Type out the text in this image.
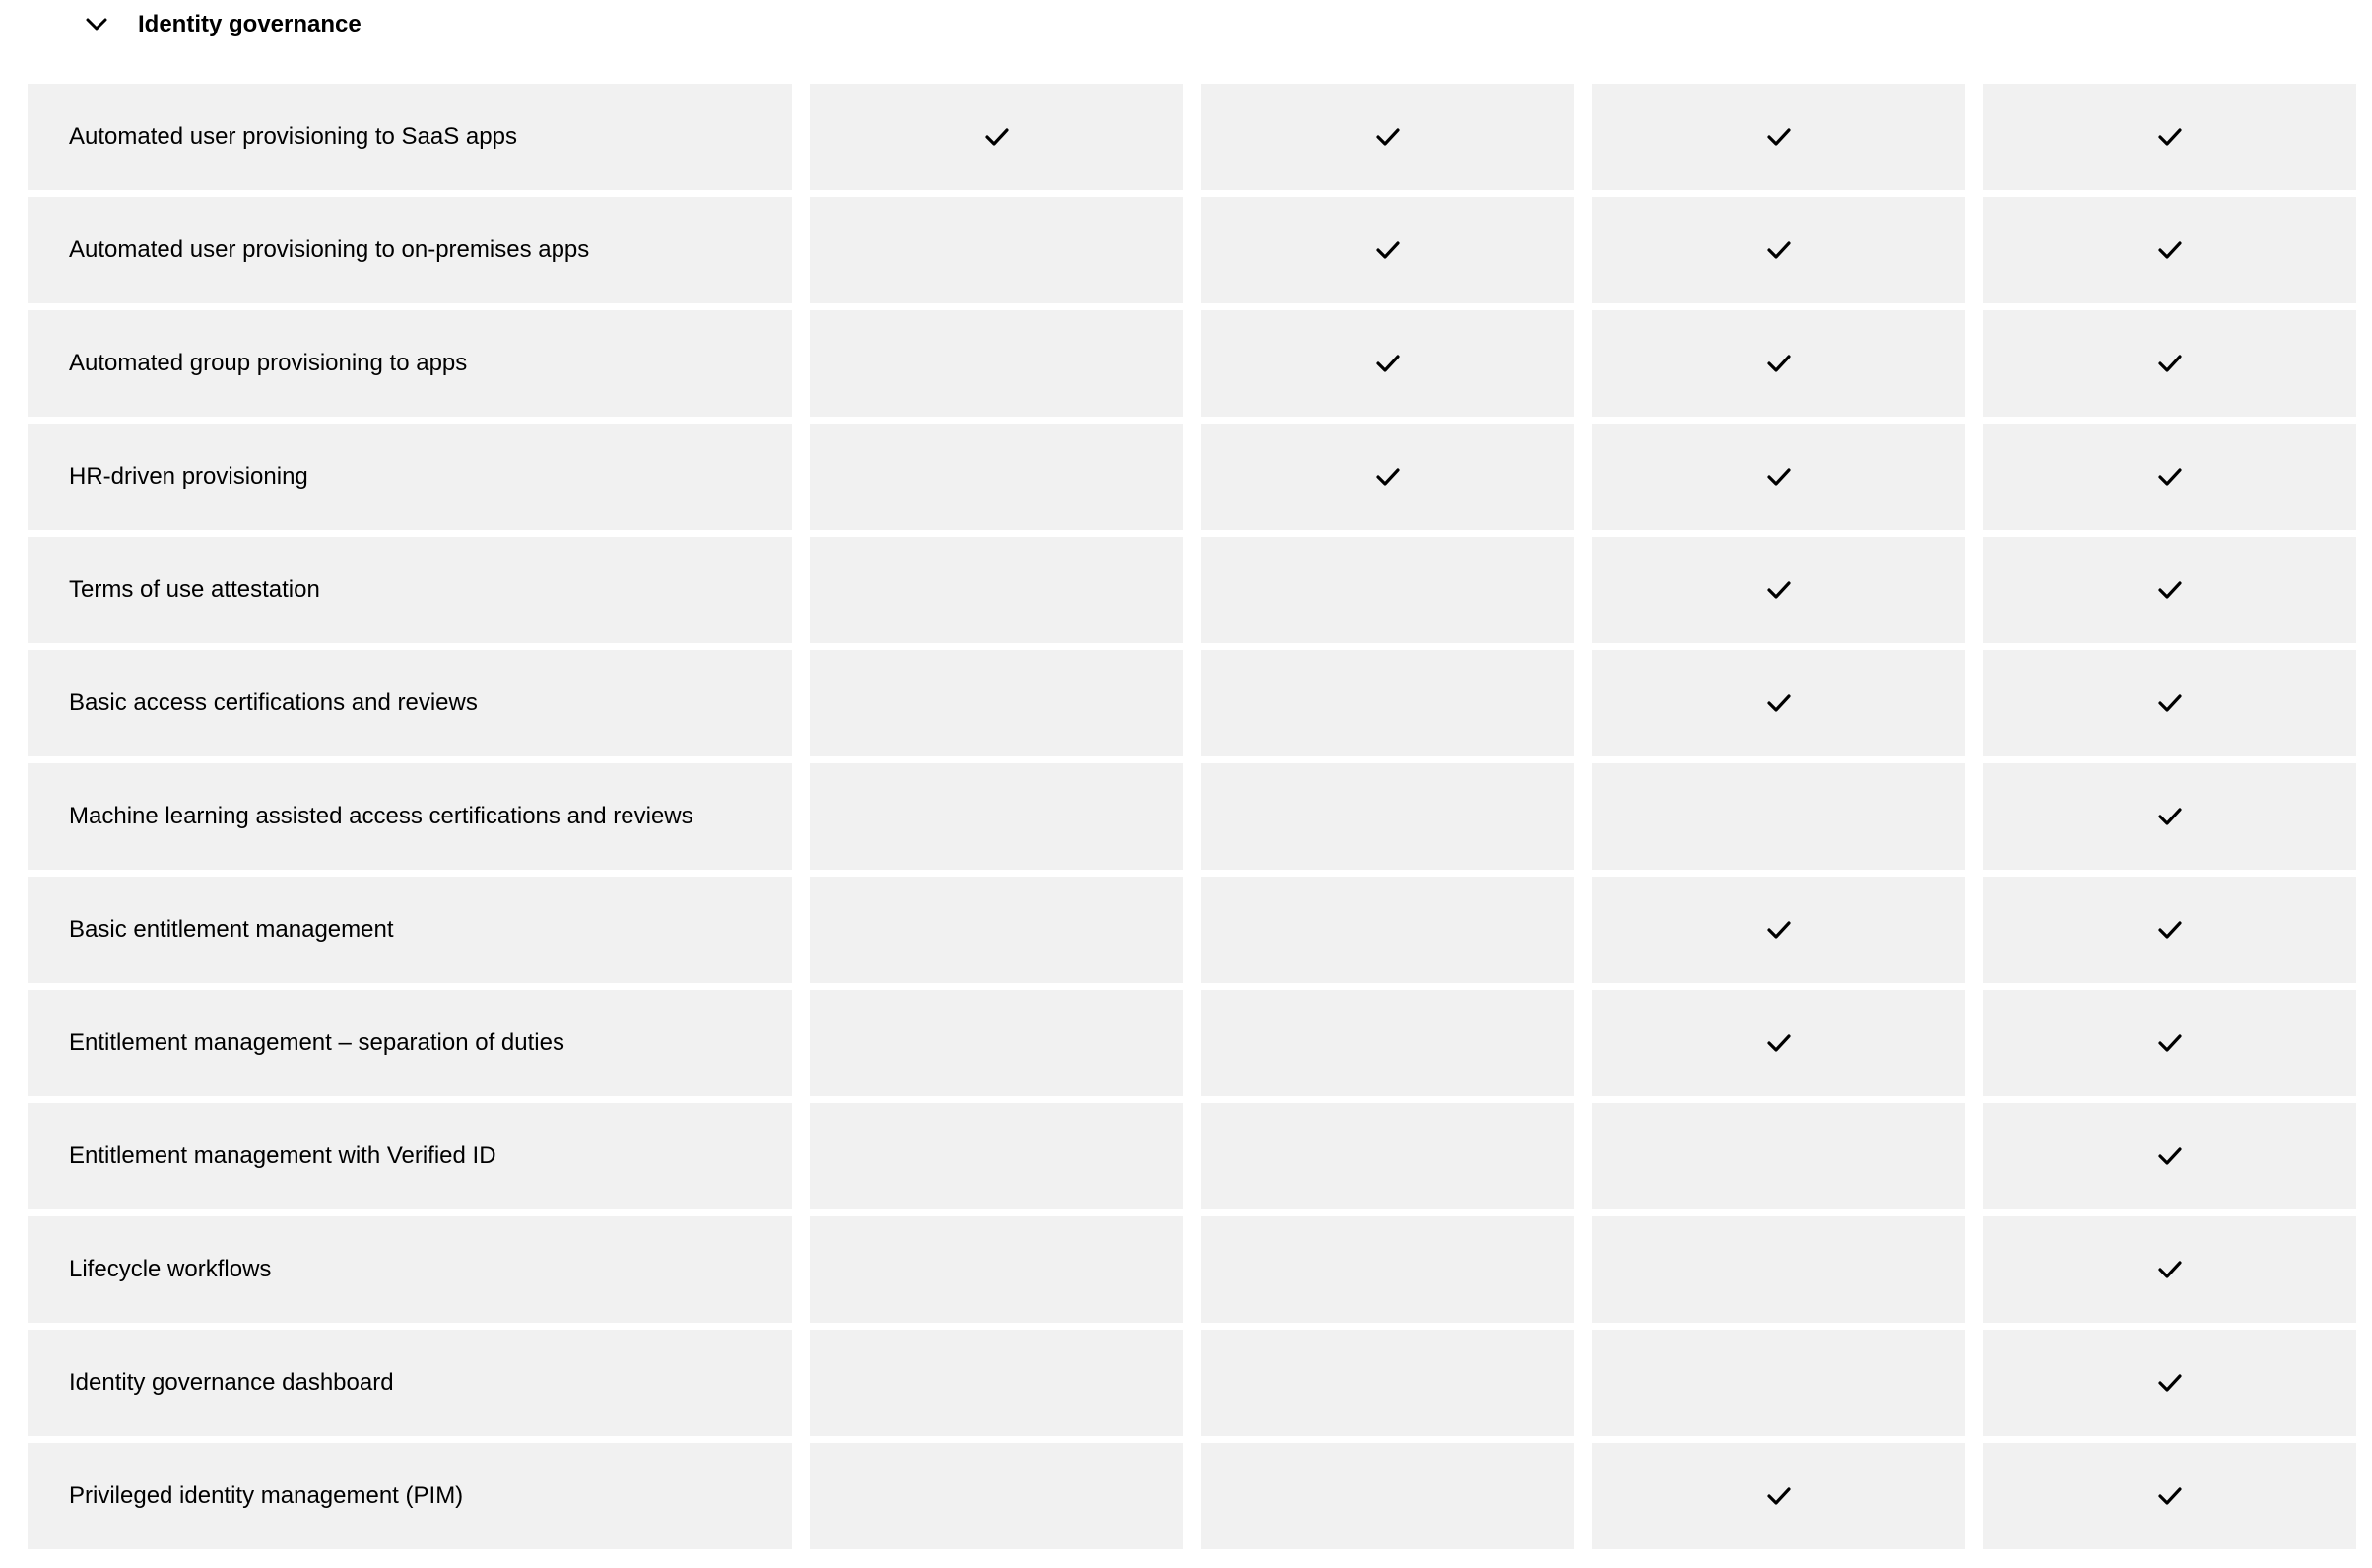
Identity governance
Automated user provisioning to SaaS apps
Automated user provisioning to on-premises apps
Automated group provisioning to apps
HR-driven provisioning
Terms of use attestation
Basic access certifications and reviews
Machine learning assisted access certifications and reviews
Basic entitlement management
Entitlement management – separation of duties
Entitlement management with Verified ID
Lifecycle workflows
Identity governance dashboard
Privileged identity management (PIM)
